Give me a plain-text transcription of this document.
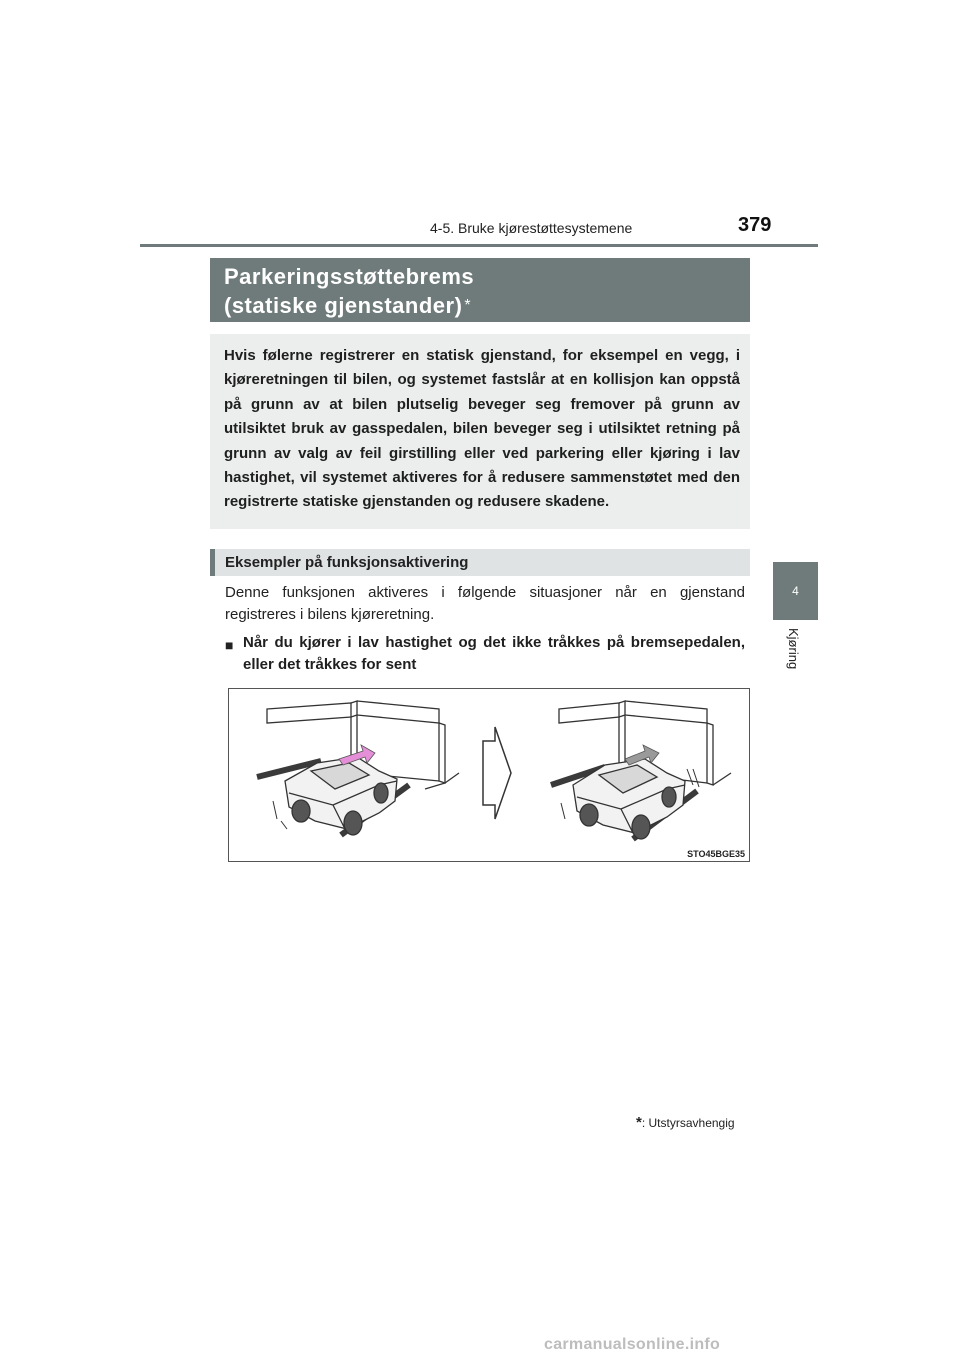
4-5. Bruke kjørestøttesystemene	379
4
Kjøring
Parkeringsstøttebrems
(statiske gjenstander) *

Hvis følerne registrerer en statisk gjenstand, for eksempel en vegg, i kjøreretningen til bilen, og systemet fastslår at en kollisjon kan oppstå på grunn av at bilen plutselig beveger seg fremover på grunn av utilsiktet bruk av gasspedalen, bilen beveger seg i utilsiktet retning på grunn av valg av feil girstilling eller ved parkering eller kjøring i lav hastighet, vil systemet aktiveres for å redusere sammenstøtet med den registrerte statiske gjenstanden og redusere skadene.

Eksempler på funksjonsaktivering

Denne funksjonen aktiveres i følgende situasjoner når en gjenstand registreres i bilens kjøreretning.

■ Når du kjører i lav hastighet og det ikke tråkkes på bremsepedalen, eller det tråkkes for sent

STO45BGE35
*: Utstyrsavhengig
carmanualsonline.info
